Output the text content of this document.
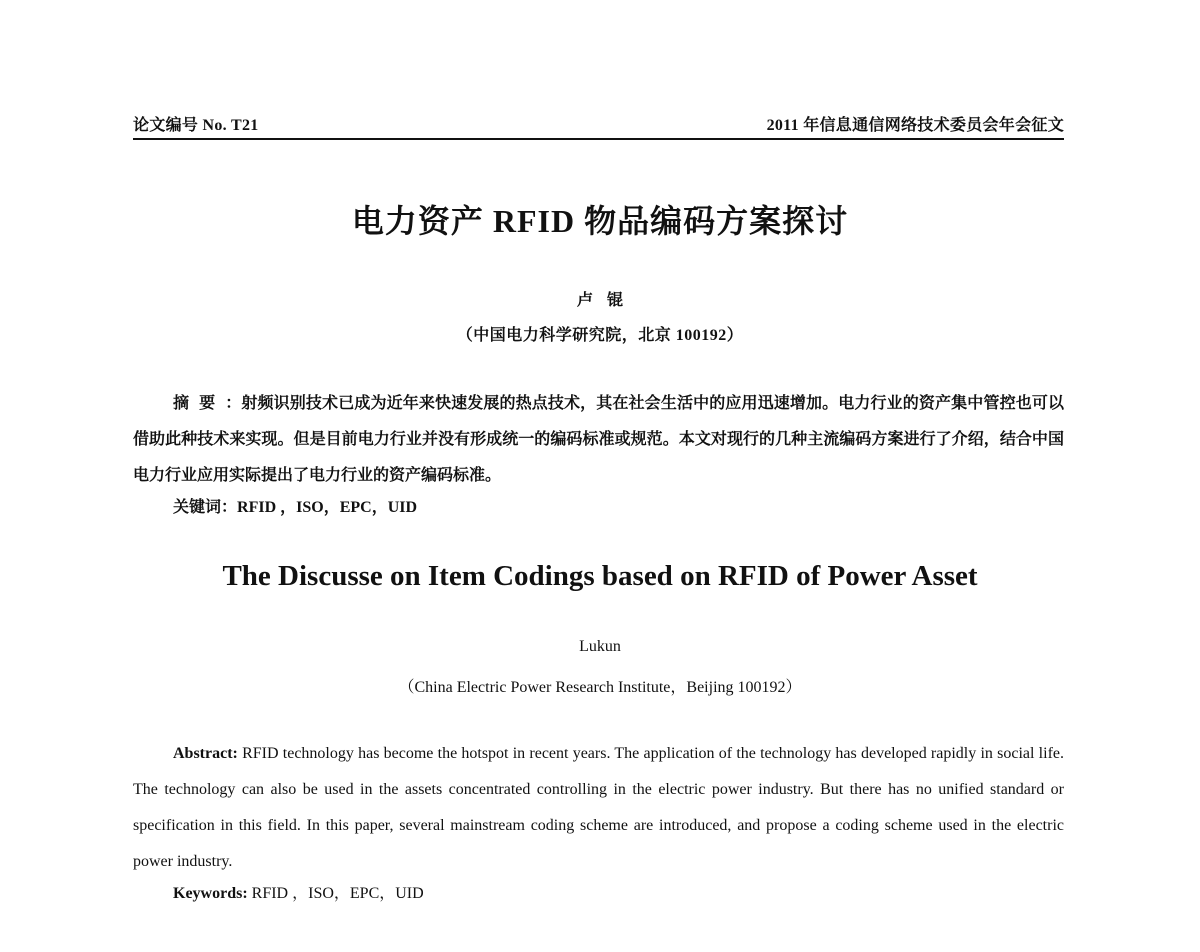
论文编号 No. T21	2011 年信息通信网络技术委员会年会征文
电力资产 RFID 物品编码方案探讨
卢锟
（中国电力科学研究院，北京 100192）
摘要：射频识别技术已成为近年来快速发展的热点技术，其在社会生活中的应用迅速增加。电力行业的资产集中管控也可以借助此种技术来实现。但是目前电力行业并没有形成统一的编码标准或规范。本文对现行的几种主流编码方案进行了介绍，结合中国电力行业应用实际提出了电力行业的资产编码标准。
关键词：RFID ，ISO，EPC，UID
The Discusse on Item Codings based on RFID of Power Asset
Lukun
（China Electric Power Research Institute，Beijing 100192）
Abstract: RFID technology has become the hotspot in recent years. The application of the technology has developed rapidly in social life. The technology can also be used in the assets concentrated controlling in the electric power industry. But there has no unified standard or specification in this field. In this paper, several mainstream coding scheme are introduced, and propose a coding scheme used in the electric power industry.
Keywords: RFID ，ISO，EPC，UID
